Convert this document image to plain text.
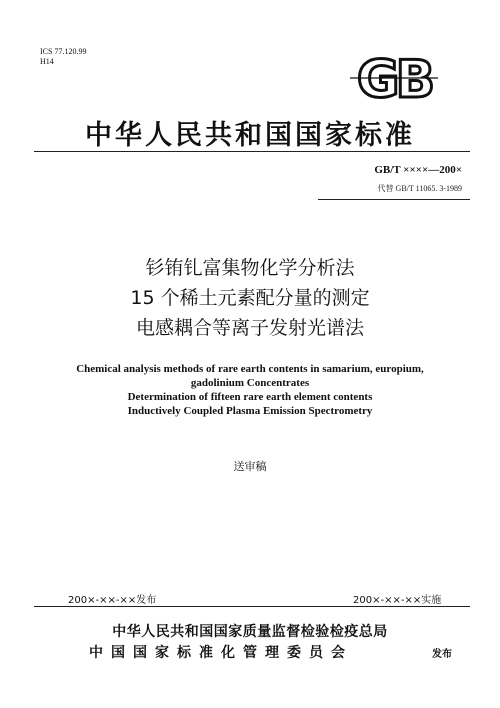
ICS 77.120.99
H14	GB
中华人民共和国国家标准
GB/T ××××—200×
代替 GB/T 11065. 3-1989
钐铕钆富集物化学分析法
15 个稀土元素配分量的测定
电感耦合等离子发射光谱法
Chemical analysis methods of rare earth contents in samarium, europium,
gadolinium Concentrates
Determination of fifteen rare earth element contents
Inductively Coupled Plasma Emission Spectrometry
送审稿
200×-××-××发布	200×-××-××实施
中华人民共和国国家质量监督检验检疫总局
中国国家标准化管理委员会	发布
